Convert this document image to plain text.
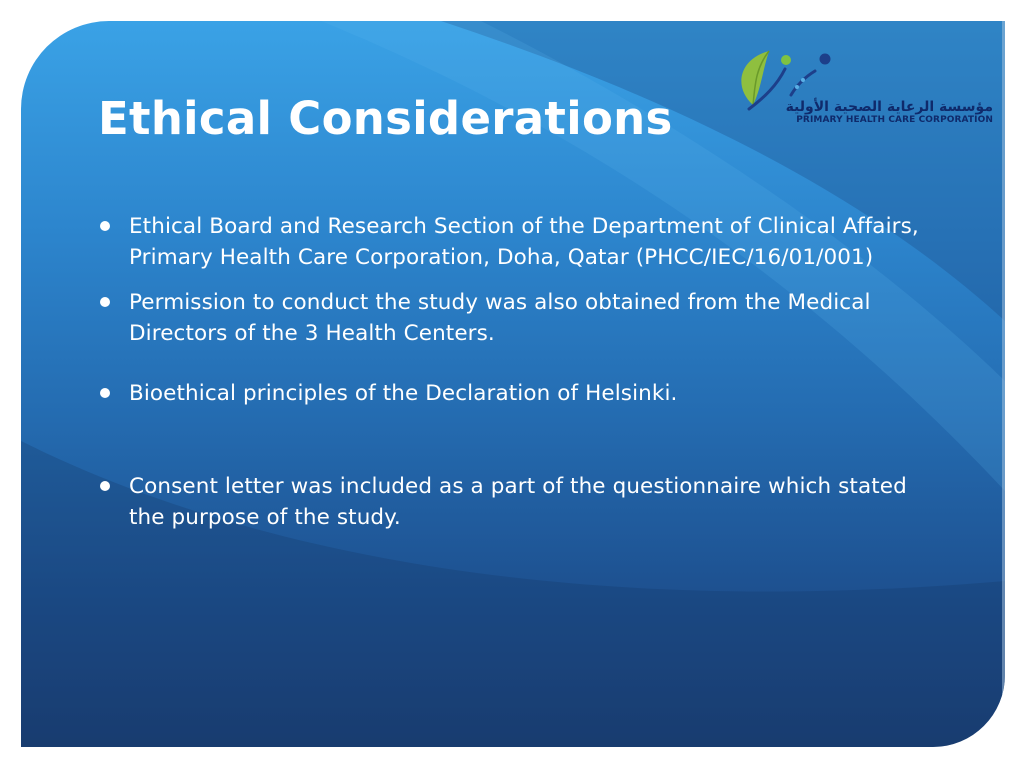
Ethical Considerations
Ethical Board and Research Section of the Department of Clinical Affairs, Primary Health Care Corporation, Doha, Qatar (PHCC/IEC/16/01/001)
Permission to conduct the study was also obtained from the Medical Directors of the 3 Health Centers.
Bioethical principles of the Declaration of Helsinki.
Consent letter was included as a part of the questionnaire which stated the purpose of the study.
مؤسسة الرعاية الصحية الأولية
PRIMARY HEALTH CARE CORPORATION
